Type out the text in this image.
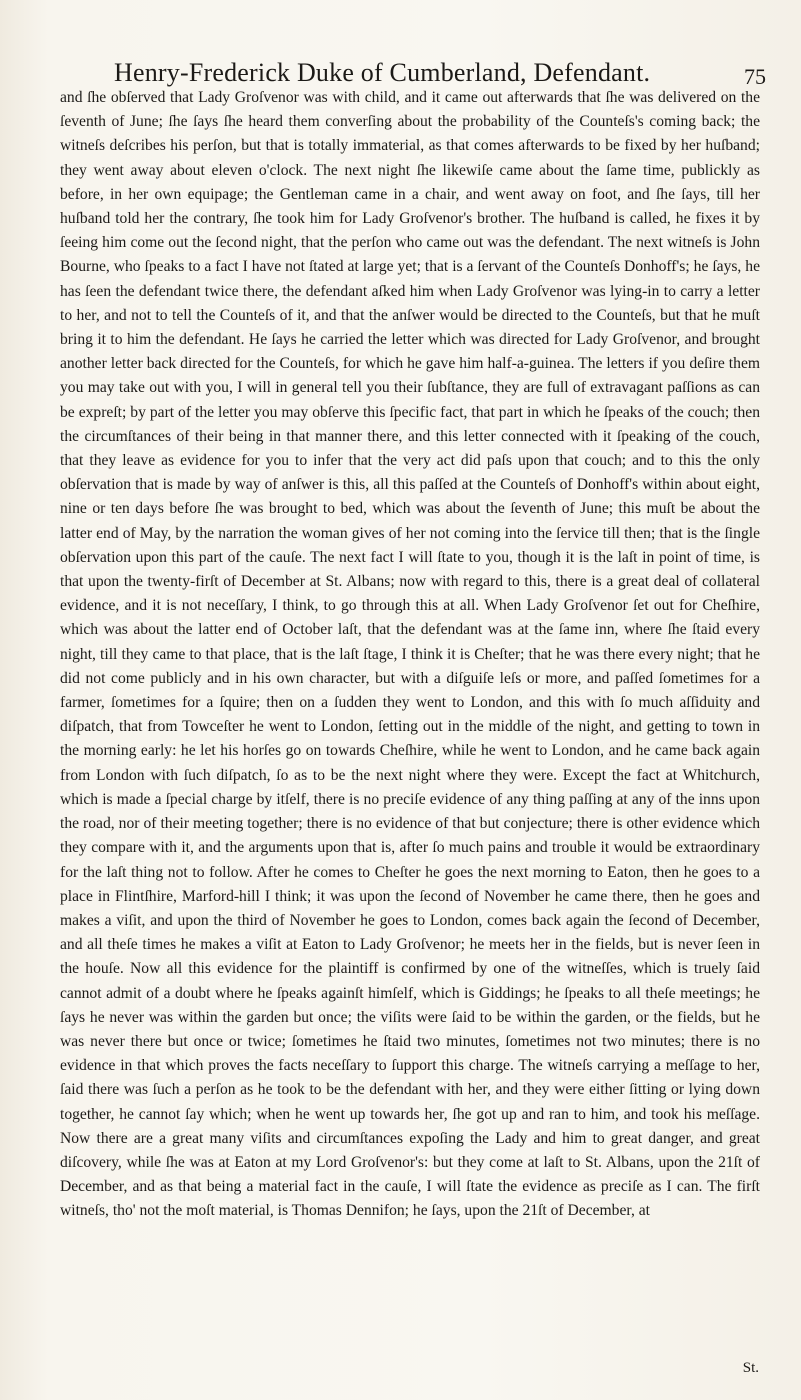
Henry-Frederick Duke of Cumberland, Defendant.	75

and ſhe obſerved that Lady Groſvenor was with child, and it came out afterwards that ſhe was delivered on the ſeventh of June; ſhe ſays ſhe heard them converſing about the probability of the Counteſs's coming back; the witneſs deſcribes his perſon, but that is totally immaterial, as that comes afterwards to be fixed by her huſband; they went away about eleven o'clock. The next night ſhe likewiſe came about the ſame time, publickly as before, in her own equipage; the Gentleman came in a chair, and went away on foot, and ſhe ſays, till her huſband told her the contrary, ſhe took him for Lady Groſvenor's brother. The huſband is called, he fixes it by ſeeing him come out the ſecond night, that the perſon who came out was the defendant. The next witneſs is John Bourne, who ſpeaks to a fact I have not ſtated at large yet; that is a ſervant of the Counteſs Donhoff's; he ſays, he has ſeen the defendant twice there, the defendant aſked him when Lady Groſvenor was lying-in to carry a letter to her, and not to tell the Counteſs of it, and that the anſwer would be directed to the Counteſs, but that he muſt bring it to him the defendant. He ſays he carried the letter which was directed for Lady Groſvenor, and brought another letter back directed for the Counteſs, for which he gave him half-a-guinea. The letters if you deſire them you may take out with you, I will in general tell you their ſubſtance, they are full of extravagant paſſions as can be expreſt; by part of the letter you may obſerve this ſpecific fact, that part in which he ſpeaks of the couch; then the circumſtances of their being in that manner there, and this letter connected with it ſpeaking of the couch, that they leave as evidence for you to infer that the very act did paſs upon that couch; and to this the only obſervation that is made by way of anſwer is this, all this paſſed at the Counteſs of Donhoff's within about eight, nine or ten days before ſhe was brought to bed, which was about the ſeventh of June; this muſt be about the latter end of May, by the narration the woman gives of her not coming into the ſervice till then; that is the ſingle obſervation upon this part of the cauſe. The next fact I will ſtate to you, though it is the laſt in point of time, is that upon the twenty-firſt of December at St. Albans; now with regard to this, there is a great deal of collateral evidence, and it is not neceſſary, I think, to go through this at all. When Lady Groſvenor ſet out for Cheſhire, which was about the latter end of October laſt, that the defendant was at the ſame inn, where ſhe ſtaid every night, till they came to that place, that is the laſt ſtage, I think it is Cheſter; that he was there every night; that he did not come publicly and in his own character, but with a diſguiſe leſs or more, and paſſed ſometimes for a farmer, ſometimes for a ſquire; then on a ſudden they went to London, and this with ſo much aſſiduity and diſpatch, that from Towceſter he went to London, ſetting out in the middle of the night, and getting to town in the morning early: he let his horſes go on towards Cheſhire, while he went to London, and he came back again from London with ſuch diſpatch, ſo as to be the next night where they were. Except the fact at Whitchurch, which is made a ſpecial charge by itſelf, there is no preciſe evidence of any thing paſſing at any of the inns upon the road, nor of their meeting together; there is no evidence of that but conjecture; there is other evidence which they compare with it, and the arguments upon that is, after ſo much pains and trouble it would be extraordinary for the laſt thing not to follow. After he comes to Cheſter he goes the next morning to Eaton, then he goes to a place in Flintſhire, Marford-hill I think; it was upon the ſecond of November he came there, then he goes and makes a viſit, and upon the third of November he goes to London, comes back again the ſecond of December, and all theſe times he makes a viſit at Eaton to Lady Groſvenor; he meets her in the fields, but is never ſeen in the houſe. Now all this evidence for the plaintiff is confirmed by one of the witneſſes, which is truely ſaid cannot admit of a doubt where he ſpeaks againſt himſelf, which is Giddings; he ſpeaks to all theſe meetings; he ſays he never was within the garden but once; the viſits were ſaid to be within the garden, or the fields, but he was never there but once or twice; ſometimes he ſtaid two minutes, ſometimes not two minutes; there is no evidence in that which proves the facts neceſſary to ſupport this charge. The witneſs carrying a meſſage to her, ſaid there was ſuch a perſon as he took to be the defendant with her, and they were either ſitting or lying down together, he cannot ſay which; when he went up towards her, ſhe got up and ran to him, and took his meſſage. Now there are a great many viſits and circumſtances expoſing the Lady and him to great danger, and great diſcovery, while ſhe was at Eaton at my Lord Groſvenor's: but they come at laſt to St. Albans, upon the 21ſt of December, and as that being a material fact in the cauſe, I will ſtate the evidence as preciſe as I can. The firſt witneſs, tho' not the moſt material, is Thomas Dennifon; he ſays, upon the 21ſt of December, at

St.
